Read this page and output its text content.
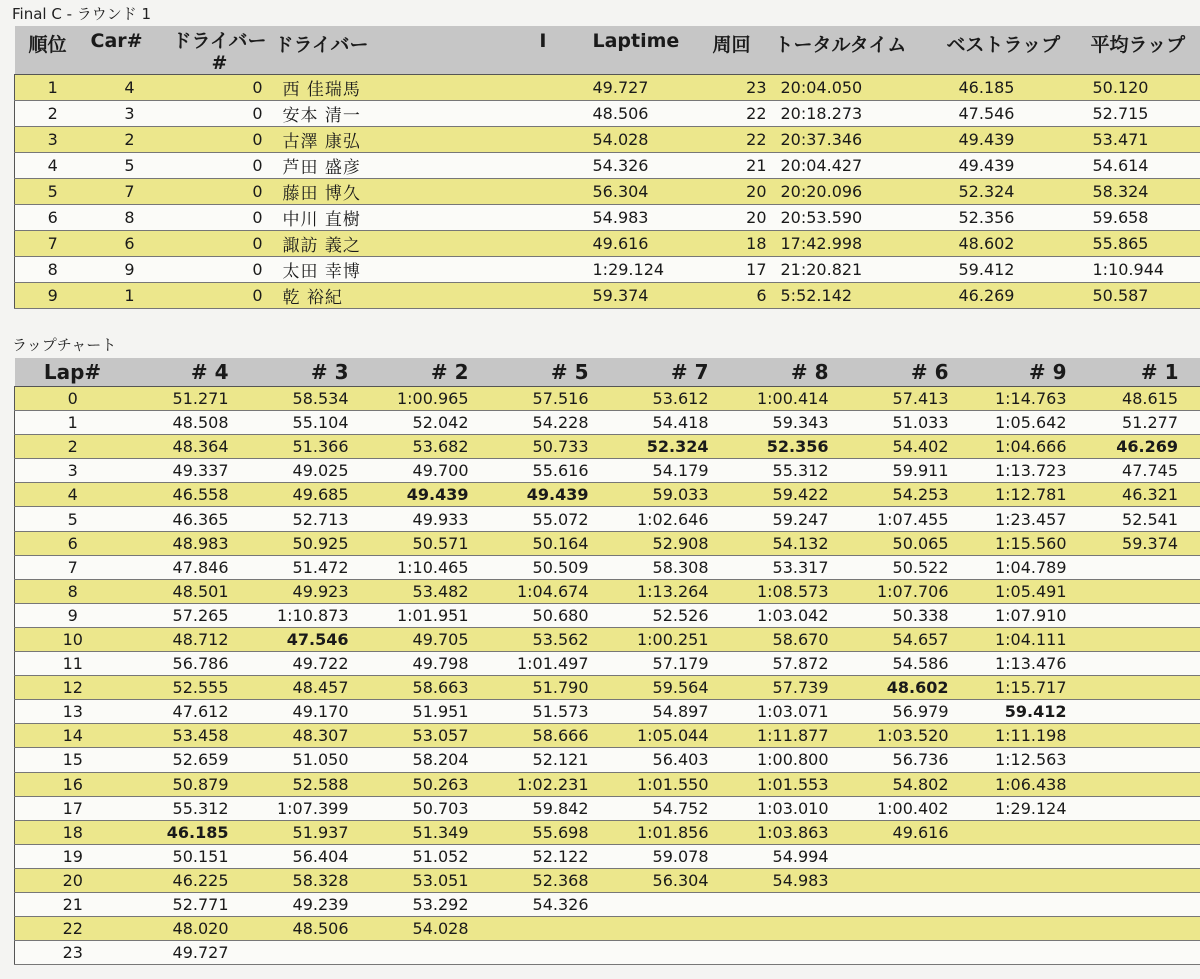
Final C - ラウンド 1
順位	Car#	ドライバー #	ドライバー	I	Laptime	周回	トータルタイム	ベストラップ	平均ラップ
1	4	0	西 佳瑞馬		49.727	23	20:04.050	46.185	50.120
2	3	0	安本 清一		48.506	22	20:18.273	47.546	52.715
3	2	0	古澤 康弘		54.028	22	20:37.346	49.439	53.471
4	5	0	芦田 盛彦		54.326	21	20:04.427	49.439	54.614
5	7	0	藤田 博久		56.304	20	20:20.096	52.324	58.324
6	8	0	中川 直樹		54.983	20	20:53.590	52.356	59.658
7	6	0	諏訪 義之		49.616	18	17:42.998	48.602	55.865
8	9	0	太田 幸博		1:29.124	17	21:20.821	59.412	1:10.944
9	1	0	乾 裕紀		59.374	6	5:52.142	46.269	50.587
ラップチャート
Lap#	# 4	# 3	# 2	# 5	# 7	# 8	# 6	# 9	# 1
0	51.271	58.534	1:00.965	57.516	53.612	1:00.414	57.413	1:14.763	48.615
1	48.508	55.104	52.042	54.228	54.418	59.343	51.033	1:05.642	51.277
2	48.364	51.366	53.682	50.733	52.324	52.356	54.402	1:04.666	46.269
3	49.337	49.025	49.700	55.616	54.179	55.312	59.911	1:13.723	47.745
4	46.558	49.685	49.439	49.439	59.033	59.422	54.253	1:12.781	46.321
5	46.365	52.713	49.933	55.072	1:02.646	59.247	1:07.455	1:23.457	52.541
6	48.983	50.925	50.571	50.164	52.908	54.132	50.065	1:15.560	59.374
7	47.846	51.472	1:10.465	50.509	58.308	53.317	50.522	1:04.789	
8	48.501	49.923	53.482	1:04.674	1:13.264	1:08.573	1:07.706	1:05.491	
9	57.265	1:10.873	1:01.951	50.680	52.526	1:03.042	50.338	1:07.910	
10	48.712	47.546	49.705	53.562	1:00.251	58.670	54.657	1:04.111	
11	56.786	49.722	49.798	1:01.497	57.179	57.872	54.586	1:13.476	
12	52.555	48.457	58.663	51.790	59.564	57.739	48.602	1:15.717	
13	47.612	49.170	51.951	51.573	54.897	1:03.071	56.979	59.412	
14	53.458	48.307	53.057	58.666	1:05.044	1:11.877	1:03.520	1:11.198	
15	52.659	51.050	58.204	52.121	56.403	1:00.800	56.736	1:12.563	
16	50.879	52.588	50.263	1:02.231	1:01.550	1:01.553	54.802	1:06.438	
17	55.312	1:07.399	50.703	59.842	54.752	1:03.010	1:00.402	1:29.124	
18	46.185	51.937	51.349	55.698	1:01.856	1:03.863	49.616		
19	50.151	56.404	51.052	52.122	59.078	54.994			
20	46.225	58.328	53.051	52.368	56.304	54.983			
21	52.771	49.239	53.292	54.326					
22	48.020	48.506	54.028						
23	49.727								
